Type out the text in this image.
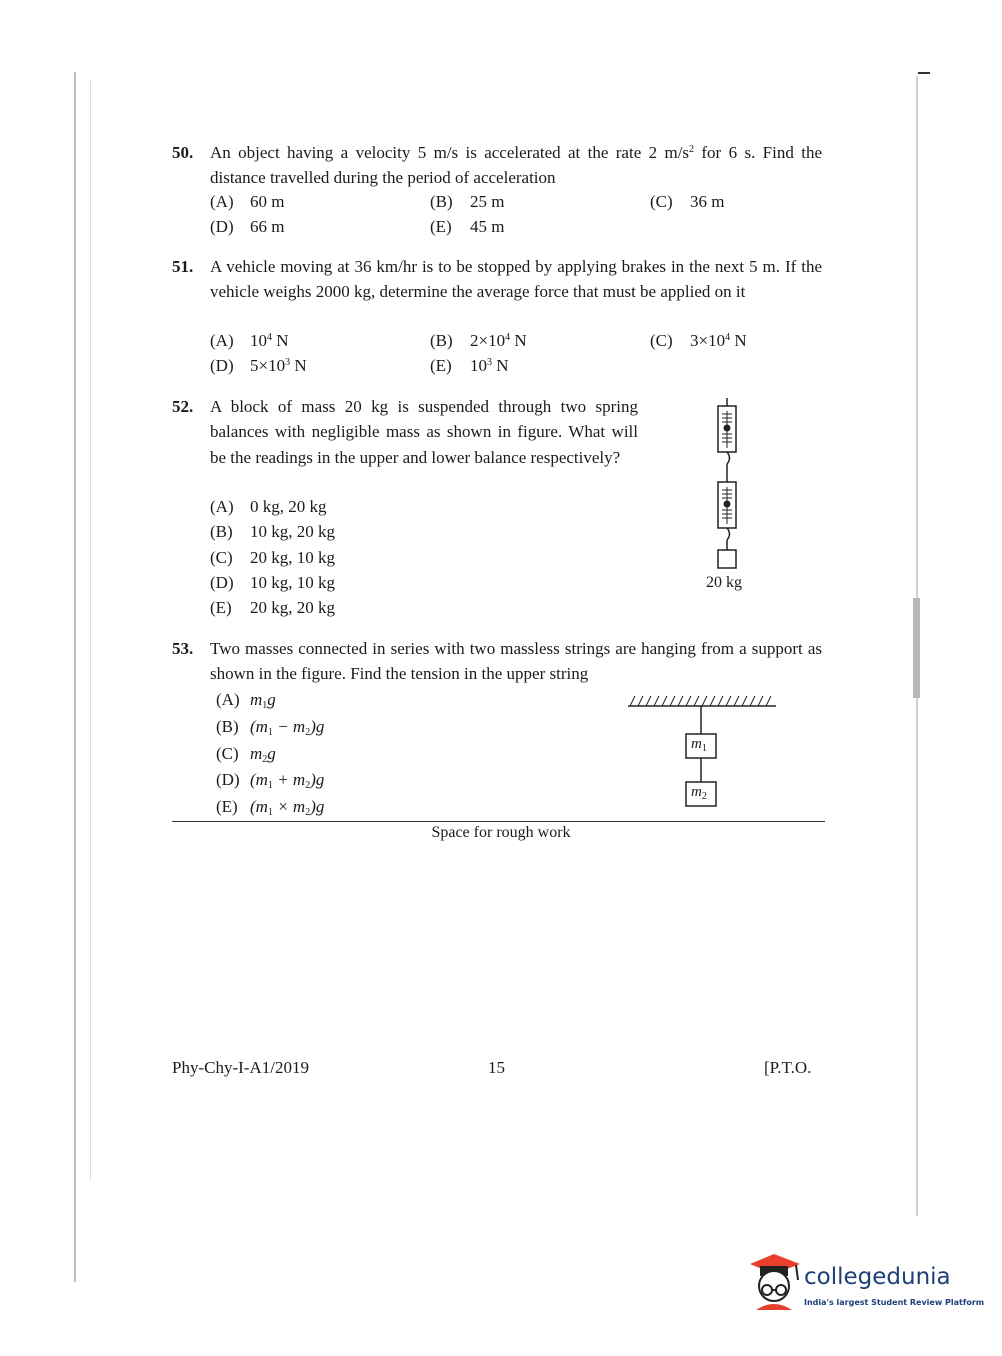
50. An object having a velocity 5 m/s is accelerated at the rate 2 $m/s^2$ for 6 s. Find the distance travelled during the period of acceleration
(A) 60 m	(B) 25 m	(C) 36 m
(D) 66 m	(E) 45 m
51. A vehicle moving at 36 km/hr is to be stopped by applying brakes in the next 5 m. If the vehicle weighs 2000 kg, determine the average force that must be applied on it
(A) $10^4$ N	(B) $2\times 10^4$ N	(C) $3\times 10^4$ N
(D) $5\times 10^3$ N	(E) $10^3$ N
52. A block of mass 20 kg is suspended through two spring balances with negligible mass as shown in figure. What will be the readings in the upper and lower balance respectively?
(A) 0 kg, 20 kg
(B) 10 kg, 20 kg
(C) 20 kg, 10 kg
(D) 10 kg, 10 kg
(E) 20 kg, 20 kg
20 kg
53. Two masses connected in series with two massless strings are hanging from a support as shown in the figure. Find the tension in the upper string
(A) $m_1g$
(B) $(m_1 - m_2)g$
(C) $m_2g$
(D) $(m_1 + m_2)g$
(E) $(m_1 \times m_2)g$
$m_1$
$m_2$
Space for rough work
Phy-Chy-I-A1/2019	15	[P.T.O.
collegedunia
India's largest Student Review Platform
